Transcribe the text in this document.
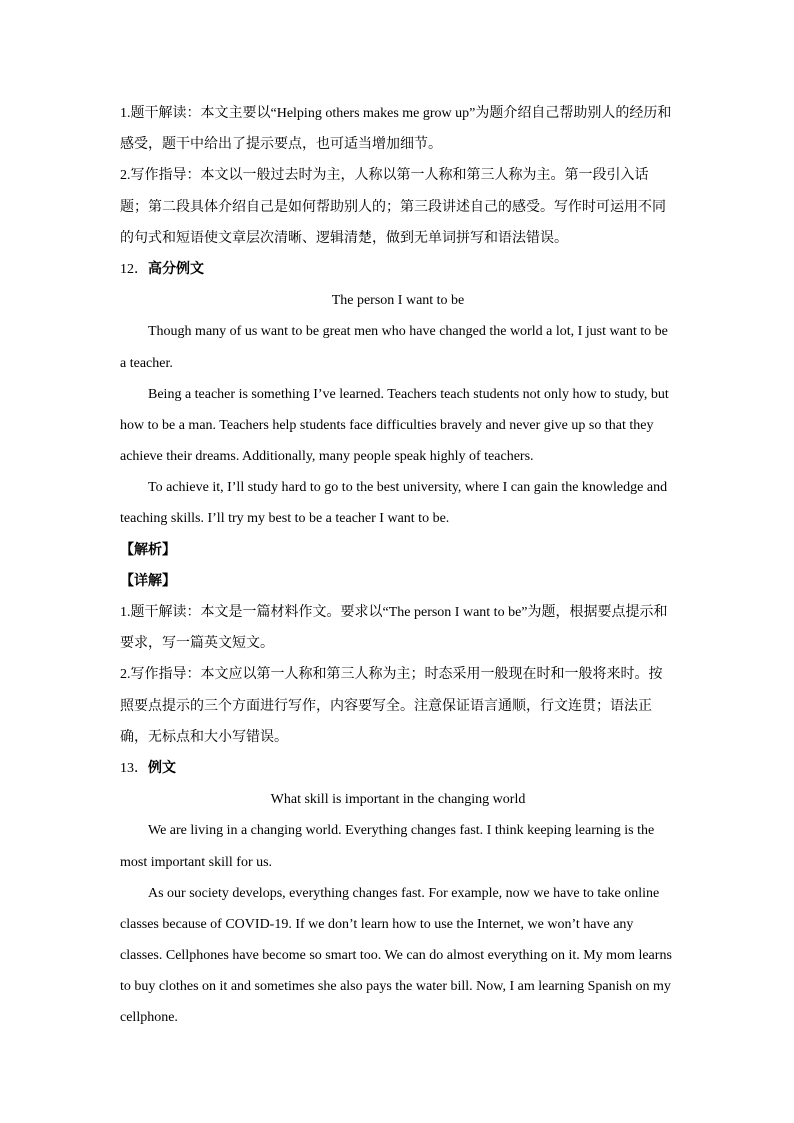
1.题干解读：本文主要以“Helping others makes me grow up”为题介绍自己帮助别人的经历和
感受，题干中给出了提示要点，也可适当增加细节。
2.写作指导：本文以一般过去时为主，人称以第一人称和第三人称为主。第一段引入话
题；第二段具体介绍自己是如何帮助别人的；第三段讲述自己的感受。写作时可运用不同
的句式和短语使文章层次清晰、逻辑清楚，做到无单词拼写和语法错误。
12．高分例文
The person I want to be
Though many of us want to be great men who have changed the world a lot, I just want to be
a teacher.
Being a teacher is something I’ve learned. Teachers teach students not only how to study, but
how to be a man. Teachers help students face difficulties bravely and never give up so that they
achieve their dreams. Additionally, many people speak highly of teachers.
To achieve it, I’ll study hard to go to the best university, where I can gain the knowledge and
teaching skills. I’ll try my best to be a teacher I want to be.
【解析】
【详解】
1.题干解读：本文是一篇材料作文。要求以“The person I want to be”为题，根据要点提示和
要求，写一篇英文短文。
2.写作指导：本文应以第一人称和第三人称为主；时态采用一般现在时和一般将来时。按
照要点提示的三个方面进行写作，内容要写全。注意保证语言通顺，行文连贯；语法正
确，无标点和大小写错误。
13．例文
What skill is important in the changing world
We are living in a changing world. Everything changes fast. I think keeping learning is the
most important skill for us.
As our society develops, everything changes fast. For example, now we have to take online
classes because of COVID-19. If we don’t learn how to use the Internet, we won’t have any
classes. Cellphones have become so smart too. We can do almost everything on it. My mom learns
to buy clothes on it and sometimes she also pays the water bill. Now, I am learning Spanish on my
cellphone.
